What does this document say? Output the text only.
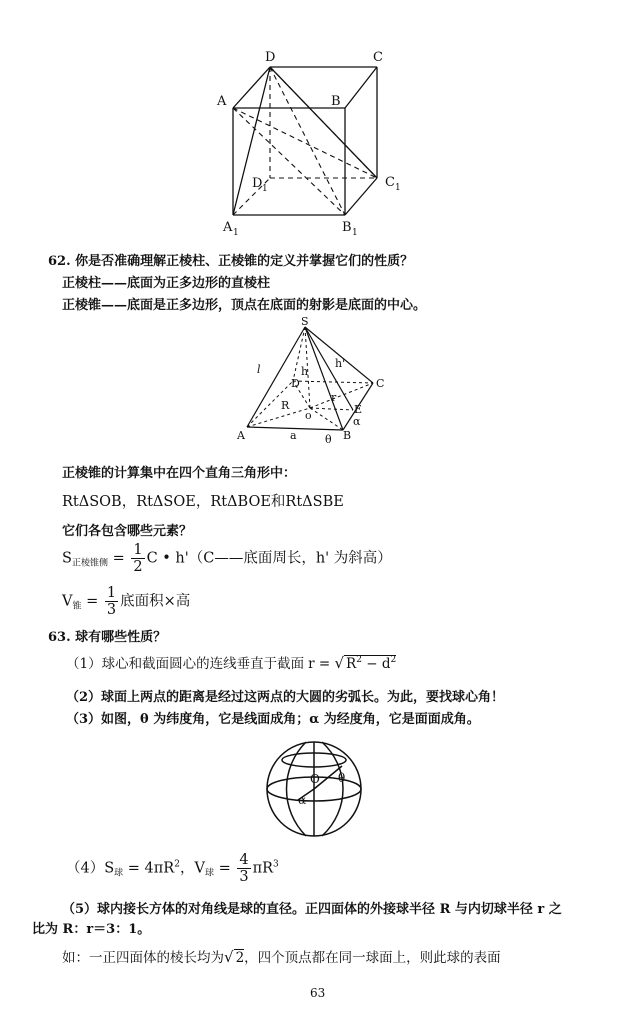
D	C
A	B
D 1	C 1
A 1	B 1
62. 你是否准确理解正棱柱、正棱锥的定义并掌握它们的性质？
正棱柱——底面为正多边形的直棱柱
正棱锥——底面是正多边形，顶点在底面的射影是底面的中心。
S
l	h
h'
D	C
R
r
o	E
α
A	a	B
θ
正棱锥的计算集中在四个直角三角形中：
RtΔSOB，RtΔSOE，RtΔBOE和RtΔSBE
它们各包含哪些元素？
$S_{正棱锥侧} = \frac{1}{2}$ C • h'（C——底面周长，h' 为斜高）
$V_锥 = \frac{1}{3}$ 底面积×高
63. 球有哪些性质？
（1）球心和截面圆心的连线垂直于截面 r = √ $R^2 - d^2$
（2）球面上两点的距离是经过这两点的大圆的劣弧长。为此，要找球心角！
（3）如图，θ 为纬度角，它是线面成角；α 为经度角，它是面面成角。
O θ
α
$(4)S_球 = 4\pi R^2$，$V_球 = \frac{4}{3} \pi R^3$
（5）球内接长方体的对角线是球的直径。正四面体的外接球半径 R 与内切球半径 r 之
比为 R：r＝3：1。
如：一正四面体的棱长均为√ 2，四个顶点都在同一球面上，则此球的表面
63
